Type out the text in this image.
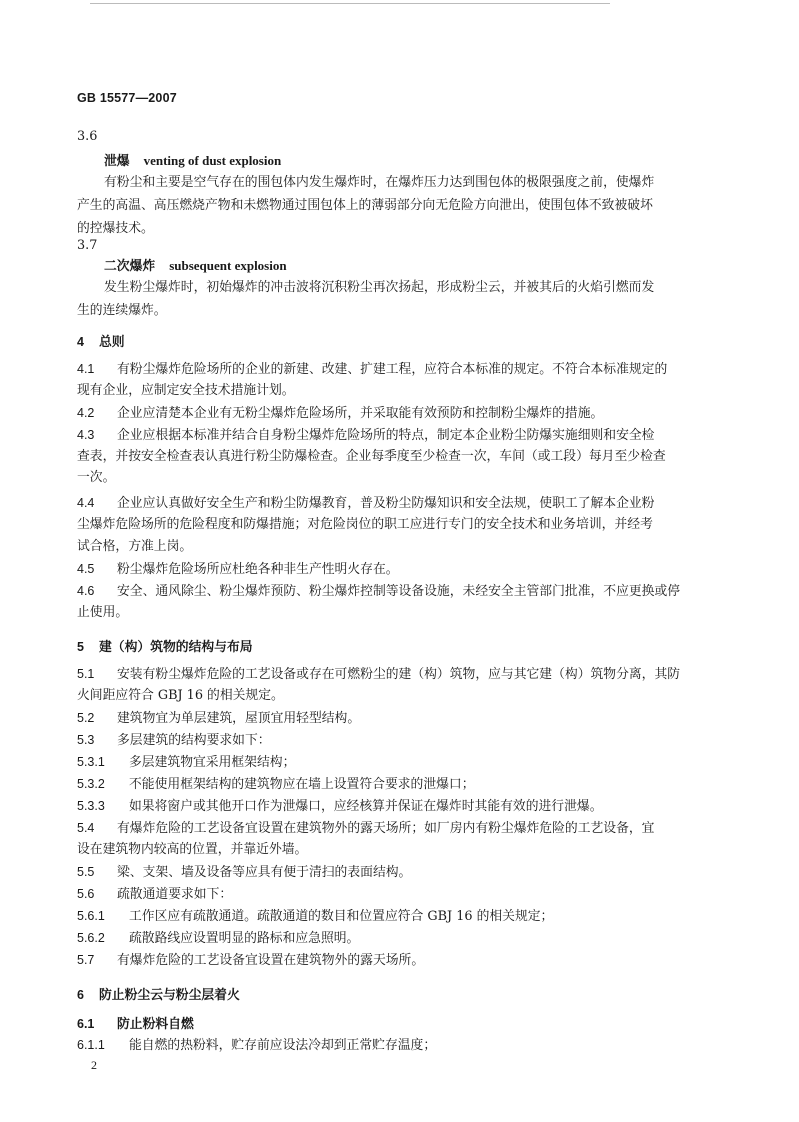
GB 15577—2007
3.6
泄爆 venting of dust explosion
有粉尘和主要是空气存在的围包体内发生爆炸时，在爆炸压力达到围包体的极限强度之前，使爆炸
产生的高温、高压燃烧产物和未燃物通过围包体上的薄弱部分向无危险方向泄出，使围包体不致被破坏
的控爆技术。
3.7
二次爆炸 subsequent explosion
发生粉尘爆炸时，初始爆炸的冲击波将沉积粉尘再次扬起，形成粉尘云，并被其后的火焰引燃而发
生的连续爆炸。
4 总则
4.1 有粉尘爆炸危险场所的企业的新建、改建、扩建工程，应符合本标准的规定。不符合本标准规定的
现有企业，应制定安全技术措施计划。
4.2 企业应清楚本企业有无粉尘爆炸危险场所，并采取能有效预防和控制粉尘爆炸的措施。
4.3 企业应根据本标准并结合自身粉尘爆炸危险场所的特点，制定本企业粉尘防爆实施细则和安全检
查表，并按安全检查表认真进行粉尘防爆检查。企业每季度至少检查一次，车间（或工段）每月至少检查
一次。
4.4 企业应认真做好安全生产和粉尘防爆教育，普及粉尘防爆知识和安全法规，使职工了解本企业粉
尘爆炸危险场所的危险程度和防爆措施；对危险岗位的职工应进行专门的安全技术和业务培训，并经考
试合格，方准上岗。
4.5 粉尘爆炸危险场所应杜绝各种非生产性明火存在。
4.6 安全、通风除尘、粉尘爆炸预防、粉尘爆炸控制等设备设施，未经安全主管部门批准，不应更换或停
止使用。
5 建（构）筑物的结构与布局
5.1 安装有粉尘爆炸危险的工艺设备或存在可燃粉尘的建（构）筑物，应与其它建（构）筑物分离，其防
火间距应符合 GBJ 16 的相关规定。
5.2 建筑物宜为单层建筑，屋顶宜用轻型结构。
5.3 多层建筑的结构要求如下：
5.3.1 多层建筑物宜采用框架结构；
5.3.2 不能使用框架结构的建筑物应在墙上设置符合要求的泄爆口；
5.3.3 如果将窗户或其他开口作为泄爆口，应经核算并保证在爆炸时其能有效的进行泄爆。
5.4 有爆炸危险的工艺设备宜设置在建筑物外的露天场所；如厂房内有粉尘爆炸危险的工艺设备，宜
设在建筑物内较高的位置，并靠近外墙。
5.5 梁、支架、墙及设备等应具有便于清扫的表面结构。
5.6 疏散通道要求如下：
5.6.1 工作区应有疏散通道。疏散通道的数目和位置应符合 GBJ 16 的相关规定；
5.6.2 疏散路线应设置明显的路标和应急照明。
5.7 有爆炸危险的工艺设备宜设置在建筑物外的露天场所。
6 防止粉尘云与粉尘层着火
6.1 防止粉料自燃
6.1.1 能自燃的热粉料，贮存前应设法冷却到正常贮存温度；
2
